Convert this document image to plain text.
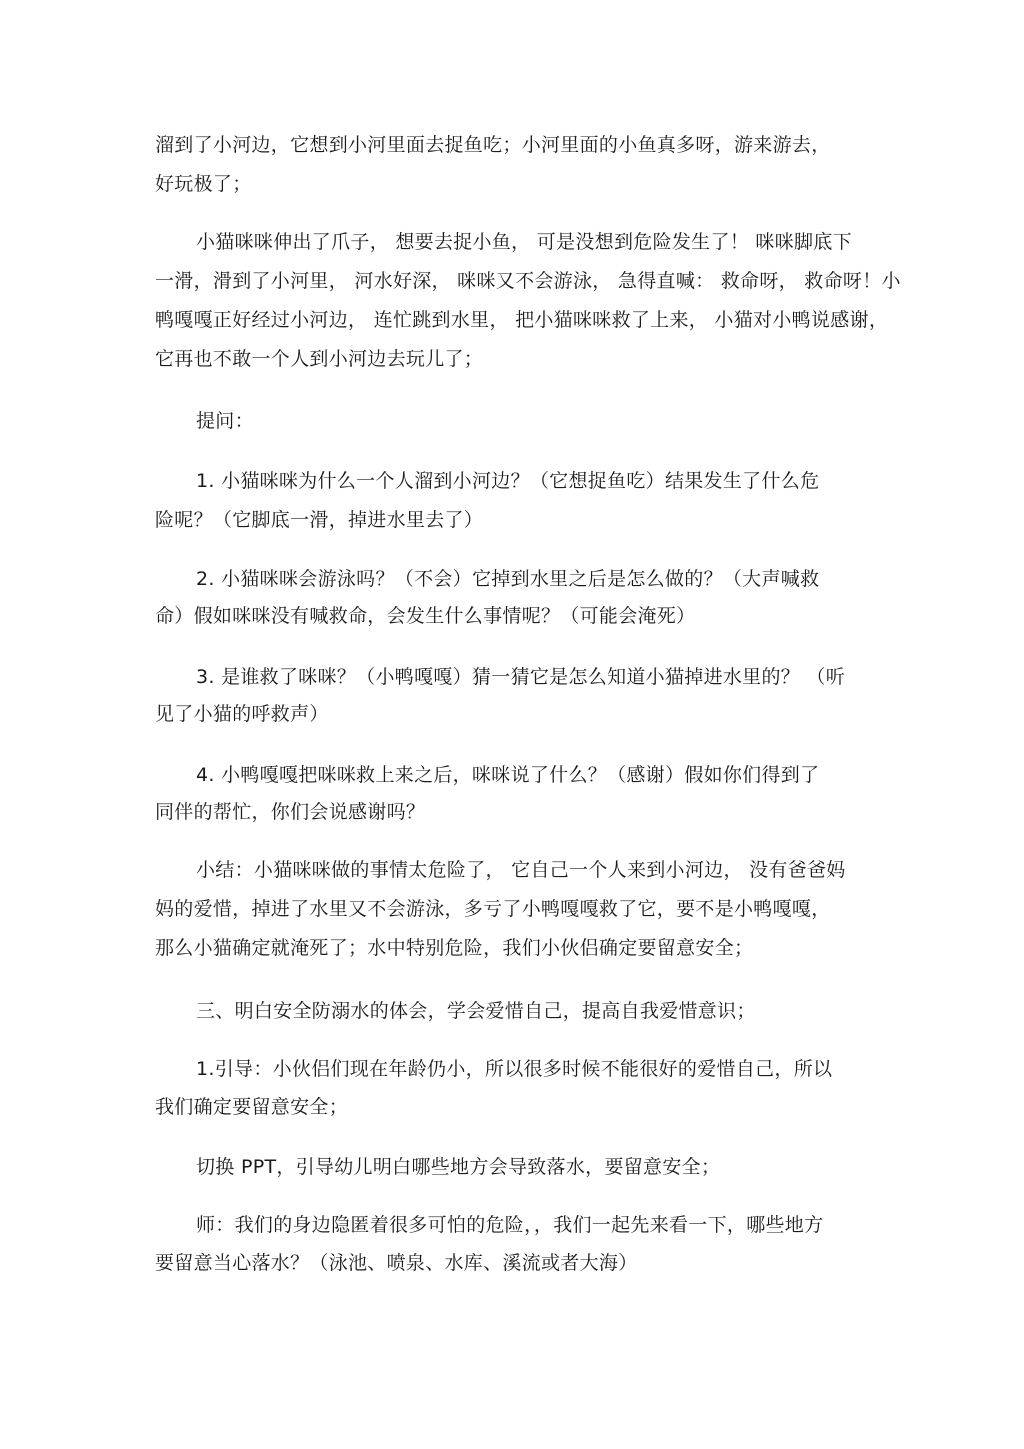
溜到了小河边，它想到小河里面去捉鱼吃；小河里面的小鱼真多呀，游来游去，
好玩极了；
小猫咪咪伸出了爪子， 想要去捉小鱼， 可是没想到危险发生了！ 咪咪脚底下
一滑，滑到了小河里， 河水好深， 咪咪又不会游泳， 急得直喊： 救命呀， 救命呀！小
鸭嘎嘎正好经过小河边， 连忙跳到水里， 把小猫咪咪救了上来， 小猫对小鸭说感谢，
它再也不敢一个人到小河边去玩儿了；
提问：
1. 小猫咪咪为什么一个人溜到小河边？（它想捉鱼吃）结果发生了什么危
险呢？（它脚底一滑，掉进水里去了）
2. 小猫咪咪会游泳吗？（不会）它掉到水里之后是怎么做的？（大声喊救
命）假如咪咪没有喊救命，会发生什么事情呢？（可能会淹死）
3. 是谁救了咪咪？（小鸭嘎嘎）猜一猜它是怎么知道小猫掉进水里的？ （听
见了小猫的呼救声）
4. 小鸭嘎嘎把咪咪救上来之后，咪咪说了什么？（感谢）假如你们得到了
同伴的帮忙，你们会说感谢吗？
小结：小猫咪咪做的事情太危险了， 它自己一个人来到小河边， 没有爸爸妈
妈的爱惜，掉进了水里又不会游泳，多亏了小鸭嘎嘎救了它，要不是小鸭嘎嘎，
那么小猫确定就淹死了；水中特别危险，我们小伙侣确定要留意安全；
三、明白安全防溺水的体会，学会爱惜自己，提高自我爱惜意识；
1.引导：小伙侣们现在年龄仍小，所以很多时候不能很好的爱惜自己，所以
我们确定要留意安全；
切换 PPT，引导幼儿明白哪些地方会导致落水，要留意安全；
师：我们的身边隐匿着很多可怕的危险，，我们一起先来看一下，哪些地方
要留意当心落水？（泳池、喷泉、水库、溪流或者大海）
